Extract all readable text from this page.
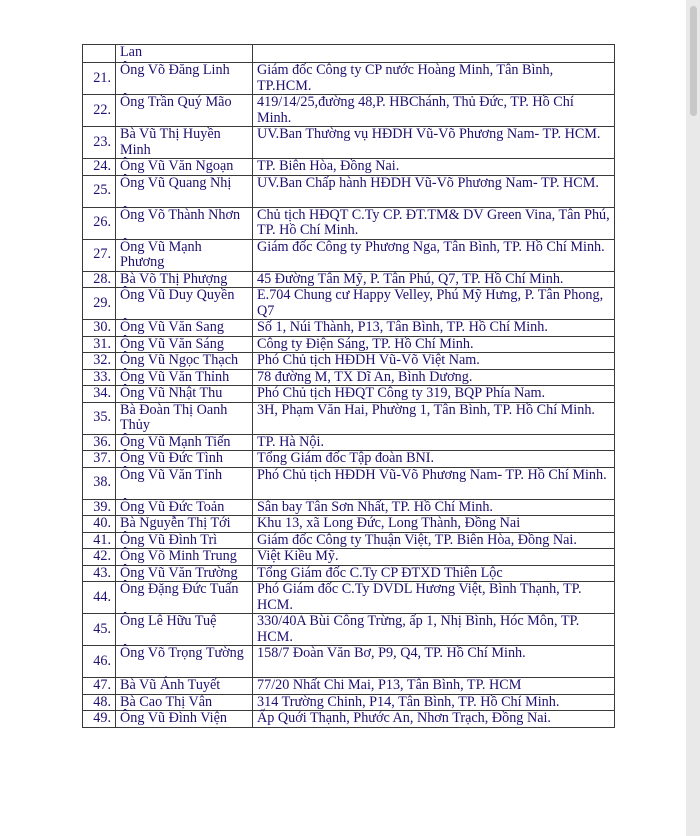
	Lan	
21.	Ông Võ Đăng Linh	Giám đốc Công ty CP nước Hoàng Minh, Tân Bình, TP.HCM.
22.	Ông Trần Quý Mão	419/14/25,đường 48,P. HBChánh, Thủ Đức, TP. Hồ Chí Minh.
23.	Bà Vũ Thị Huyền Minh	UV.Ban Thường vụ HĐDH Vũ-Võ Phương Nam- TP. HCM.
24.	Ông Vũ Văn Ngoạn	TP. Biên Hòa, Đồng Nai.
25.	Ông Vũ Quang Nhị	UV.Ban Chấp hành HĐDH Vũ-Võ Phương Nam- TP. HCM.
26.	Ông Võ Thành Nhơn	Chủ tịch HĐQT C.Ty CP. ĐT.TM& DV Green Vina, Tân Phú, TP. Hồ Chí Minh.
27.	Ông Vũ Mạnh Phương	Giám đốc Công ty Phương Nga, Tân Bình, TP. Hồ Chí Minh.
28.	Bà Võ Thị Phượng	45 Đường Tân Mỹ, P. Tân Phú, Q7, TP. Hồ Chí Minh.
29.	Ông Vũ Duy Quyền	E.704 Chung cư Happy Velley, Phú Mỹ Hưng, P. Tân Phong, Q7
30.	Ông Vũ Văn Sang	Số 1, Núi Thành, P13, Tân Bình, TP. Hồ Chí Minh.
31.	Ông Vũ Văn Sáng	Công ty Điện Sáng, TP. Hồ Chí Minh.
32.	Ông Vũ Ngọc Thạch	Phó Chủ tịch HĐDH Vũ-Võ Việt Nam.
33.	Ông Vũ Văn Thỉnh	78 đường M, TX Dĩ An, Bình Dương.
34.	Ông Vũ Nhật Thu	Phó Chủ tịch HĐQT Công ty 319, BQP Phía Nam.
35.	Bà Đoàn Thị Oanh Thủy	3H, Phạm Văn Hai, Phường 1, Tân Bình, TP. Hồ Chí Minh.
36.	Ông Vũ Mạnh Tiến	TP. Hà Nội.
37.	Ông Vũ Đức Tình	Tổng Giám đốc Tập đoàn BNI.
38.	Ông Vũ Văn Tỉnh	Phó Chủ tịch HĐDH Vũ-Võ Phương Nam- TP. Hồ Chí Minh.
39.	Ông Vũ Đức Toản	Sân bay Tân Sơn Nhất, TP. Hồ Chí Minh.
40.	Bà Nguyễn Thị Tới	Khu 13, xã Long Đức, Long Thành, Đồng Nai
41.	Ông Vũ Đình Trì	Giám đốc Công ty Thuận Việt, TP. Biên Hòa, Đồng Nai.
42.	Ông Võ Minh Trung	Việt Kiều Mỹ.
43.	Ông Vũ Văn Trường	Tổng Giám đốc C.Ty CP ĐTXD Thiên Lộc
44.	Ông Đặng Đức Tuấn	Phó Giám đốc C.Ty DVDL Hương Việt, Bình Thạnh, TP. HCM.
45.	Ông Lê Hữu Tuệ	330/40A Bùi Công Trừng, ấp 1, Nhị Bình, Hóc Môn, TP. HCM.
46.	Ông Võ Trọng Tường	158/7 Đoàn Văn Bơ, P9, Q4, TP. Hồ Chí Minh.
47.	Bà Vũ Ánh Tuyết	77/20 Nhất Chi Mai, P13, Tân Bình, TP. HCM
48.	Bà Cao Thị Vân	314 Trường Chinh, P14, Tân Bình, TP. Hồ Chí Minh.
49.	Ông Vũ Đình Viện	Ấp Quới Thạnh, Phước An, Nhơn Trạch, Đồng Nai.
